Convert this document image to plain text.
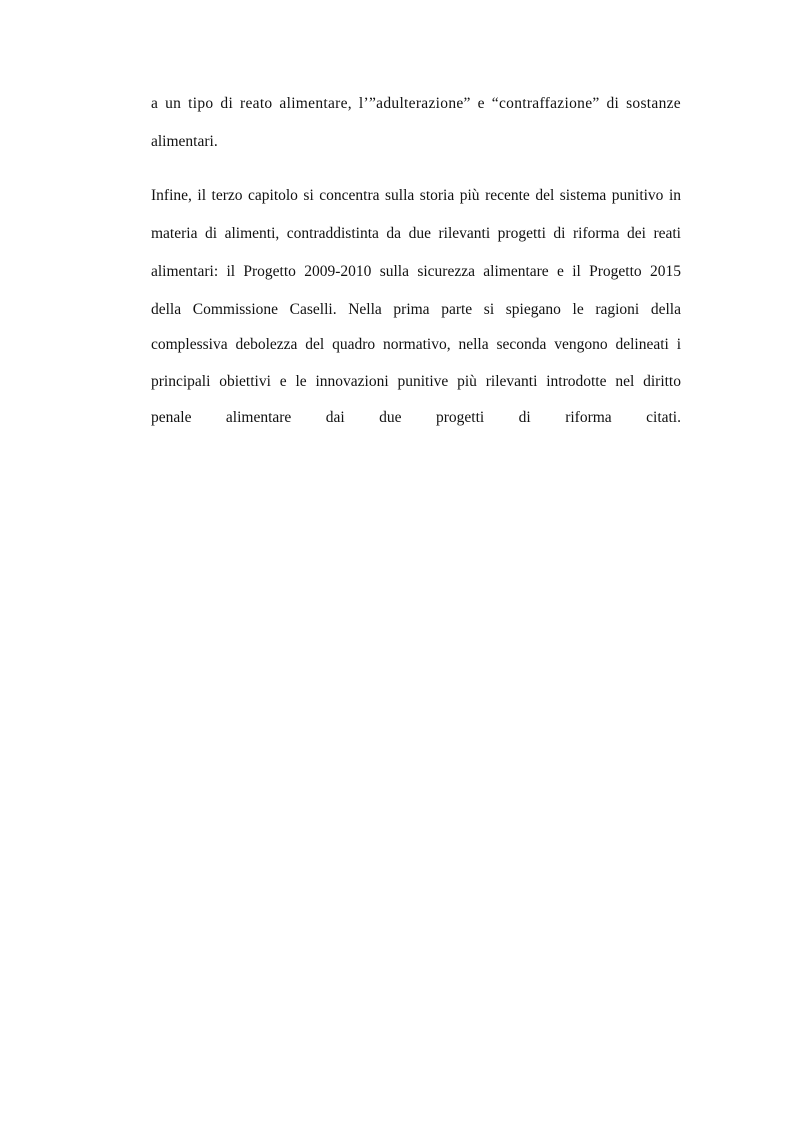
a un tipo di reato alimentare, l’”adulterazione” e “contraffazione” di sostanze
alimentari.
Infine, il terzo capitolo si concentra sulla storia più recente del sistema punitivo in
materia di alimenti, contraddistinta da due rilevanti progetti di riforma dei reati
alimentari: il Progetto 2009-2010 sulla sicurezza alimentare e il Progetto 2015
della Commissione Caselli. Nella prima parte si spiegano le ragioni della
complessiva debolezza del quadro normativo, nella seconda vengono delineati i
principali obiettivi e le innovazioni punitive più rilevanti introdotte nel diritto
penale alimentare dai due progetti di riforma citati.
